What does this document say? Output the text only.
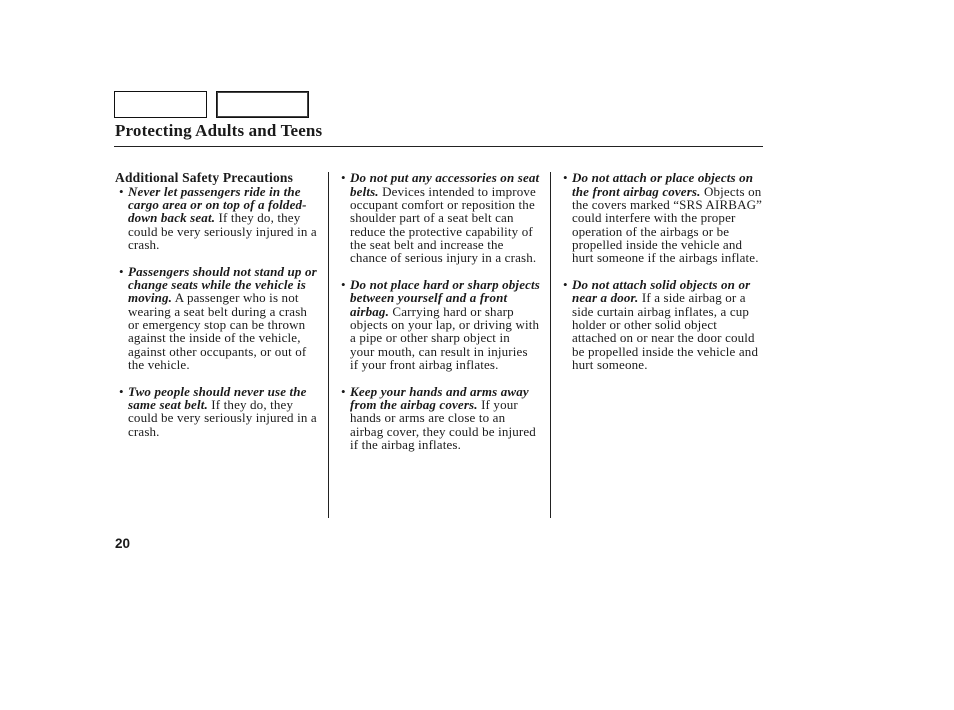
Protecting Adults and Teens
Additional Safety Precautions
•
Never let passengers ride in the
cargo area or on top of a folded-
down back seat. If they do, they
could be very seriously injured in a
crash.
•
Passengers should not stand up or
change seats while the vehicle is
moving. A passenger who is not
wearing a seat belt during a crash
or emergency stop can be thrown
against the inside of the vehicle,
against other occupants, or out of
the vehicle.
•
Two people should never use the
same seat belt. If they do, they
could be very seriously injured in a
crash.
•
Do not put any accessories on seat
belts. Devices intended to improve
occupant comfort or reposition the
shoulder part of a seat belt can
reduce the protective capability of
the seat belt and increase the
chance of serious injury in a crash.
•
Do not place hard or sharp objects
between yourself and a front
airbag. Carrying hard or sharp
objects on your lap, or driving with
a pipe or other sharp object in
your mouth, can result in injuries
if your front airbag inflates.
•
Keep your hands and arms away
from the airbag covers. If your
hands or arms are close to an
airbag cover, they could be injured
if the airbag inflates.
•
Do not attach or place objects on
the front airbag covers. Objects on
the covers marked “SRS AIRBAG”
could interfere with the proper
operation of the airbags or be
propelled inside the vehicle and
hurt someone if the airbags inflate.
•
Do not attach solid objects on or
near a door. If a side airbag or a
side curtain airbag inflates, a cup
holder or other solid object
attached on or near the door could
be propelled inside the vehicle and
hurt someone.
20
